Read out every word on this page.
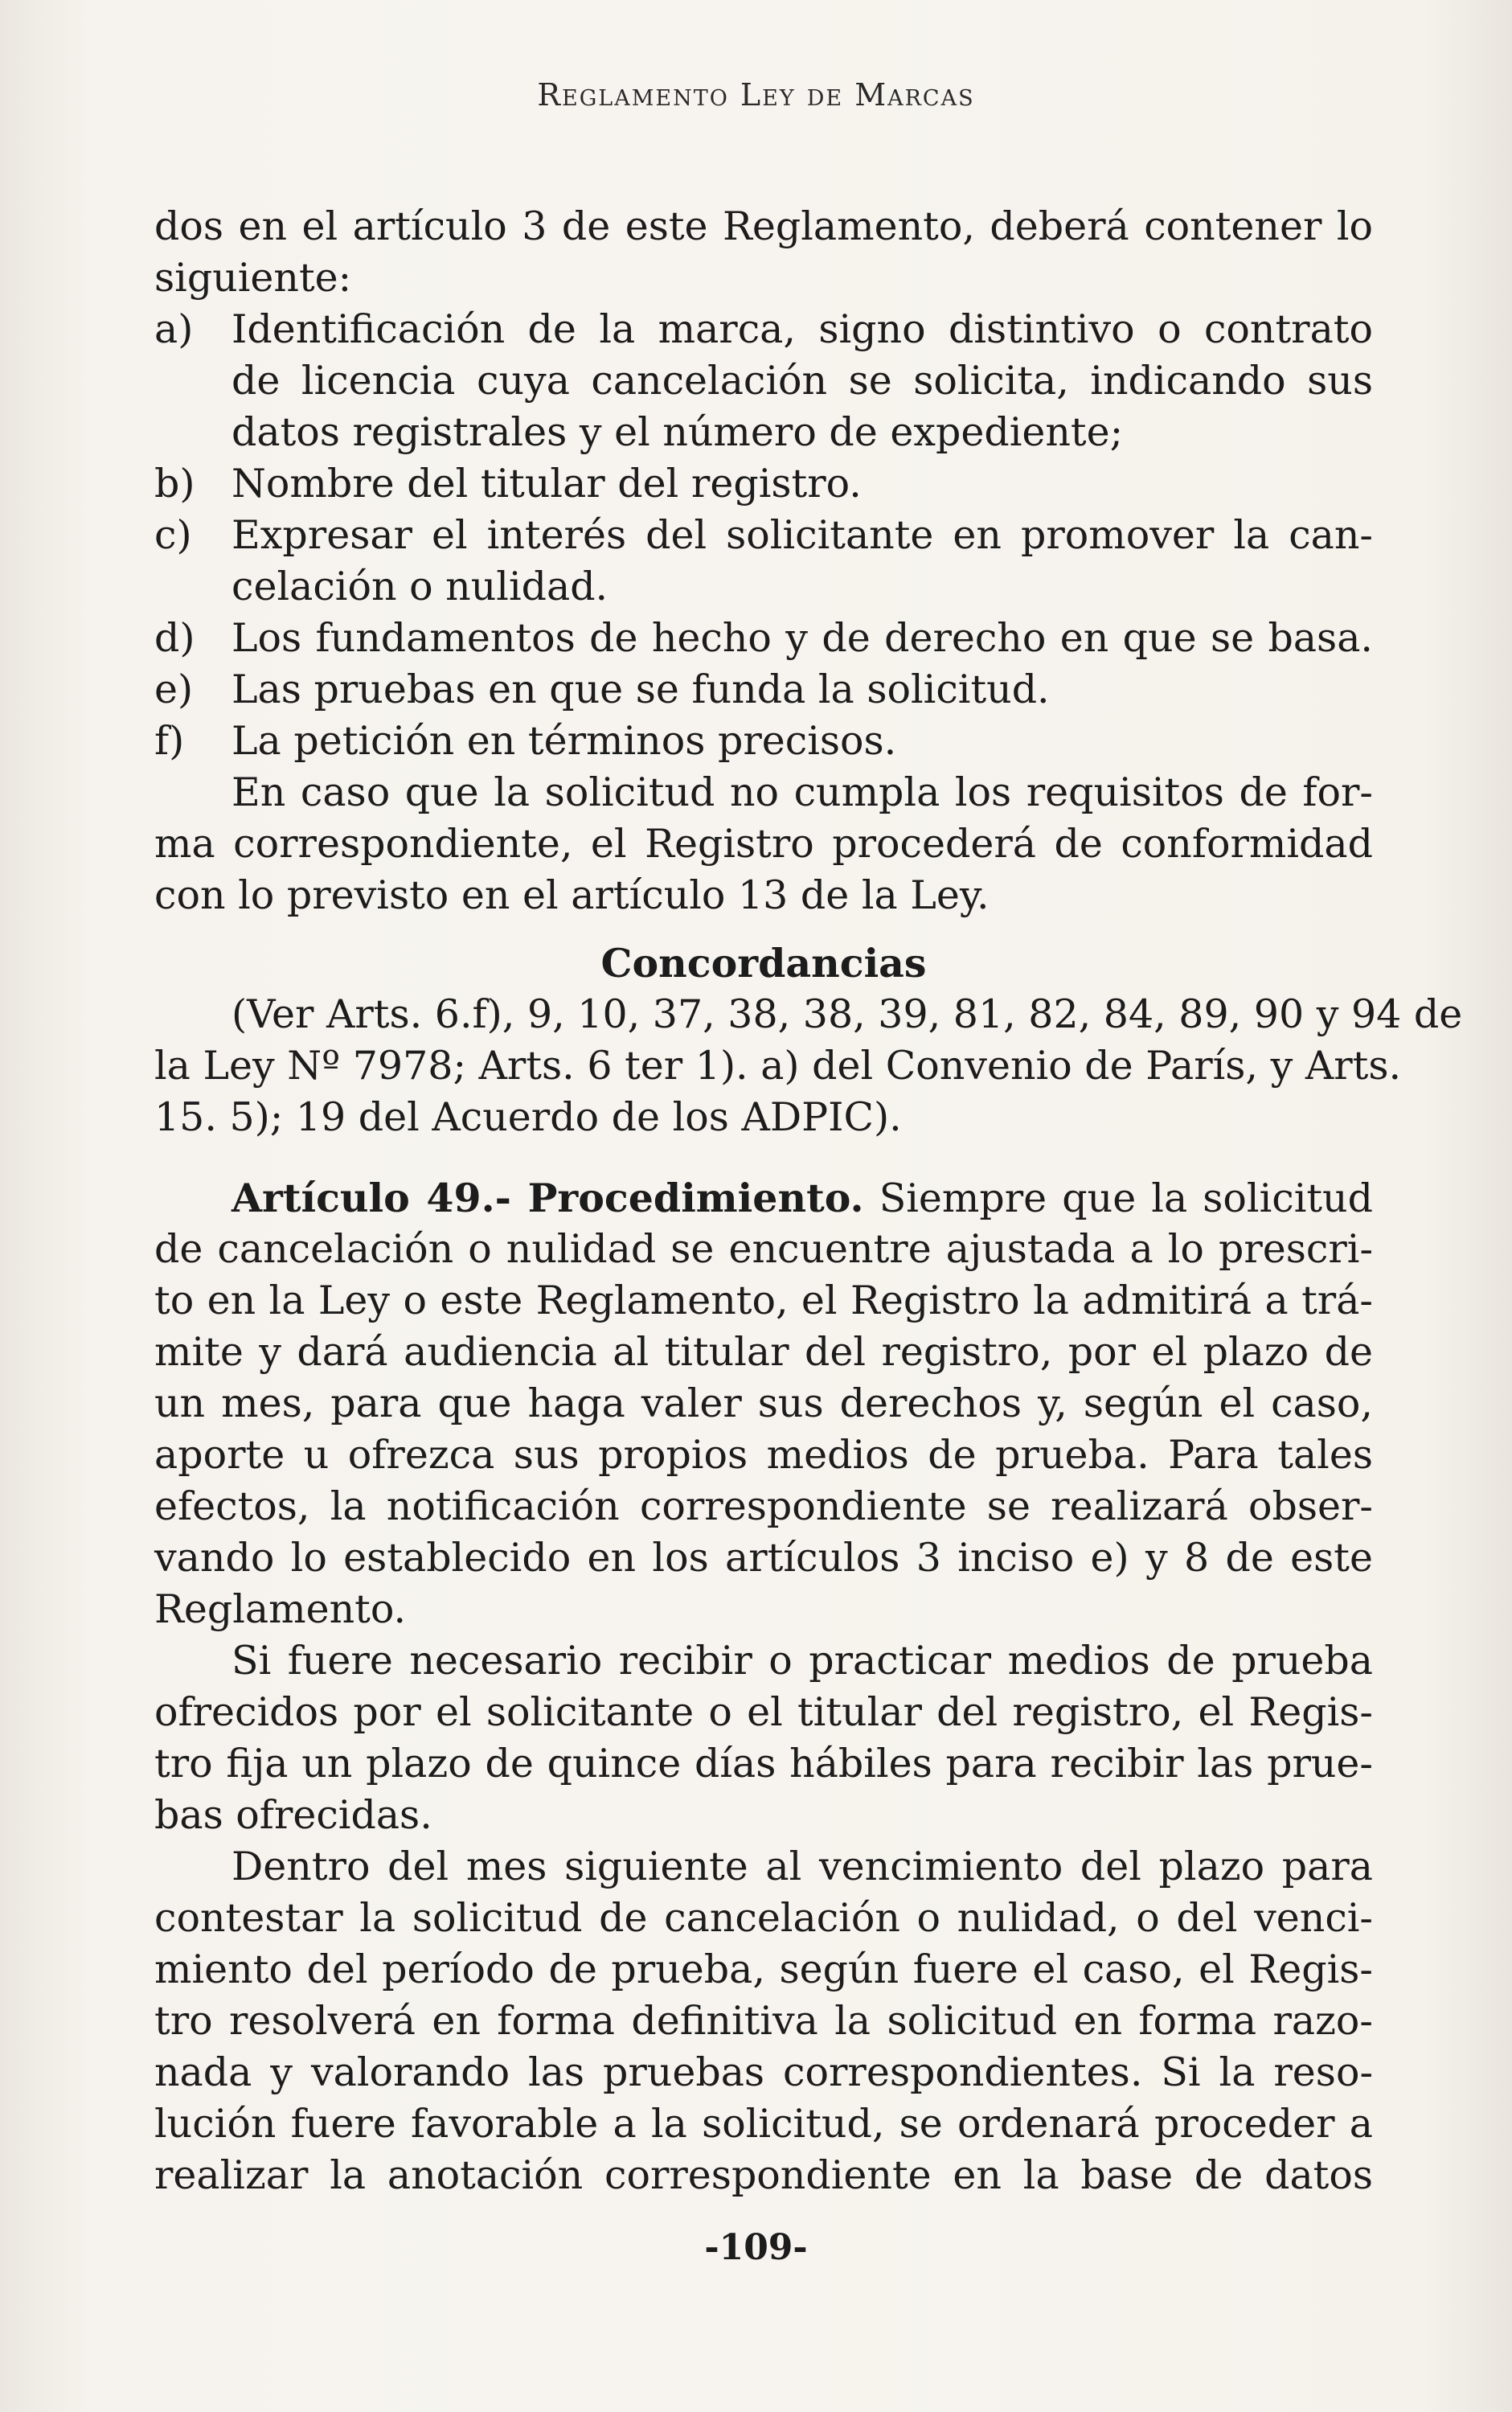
Reglamento Ley de Marcas
dos en el artículo 3 de este Reglamento, deberá contener lo
siguiente:
a) Identificación de la marca, signo distintivo o contrato
de licencia cuya cancelación se solicita, indicando sus
datos registrales y el número de expediente;
b) Nombre del titular del registro.
c)	Expresar el interés del solicitante en promover la can-
celación o nulidad.
d) Los fundamentos de hecho y de derecho en que se basa.
e) Las pruebas en que se funda la solicitud.
f)	La petición en términos precisos.
En caso que la solicitud no cumpla los requisitos de for-
ma correspondiente, el Registro procederá de conformidad
con lo previsto en el artículo 13 de la Ley.
Concordancias
(Ver Arts. 6.f), 9, 10, 37, 38, 38, 39, 81, 82, 84, 89, 90 y 94 de
la Ley Nº 7978; Arts. 6 ter 1). a) del Convenio de París, y Arts.
15. 5); 19 del Acuerdo de los ADPIC).
Artículo 49.- Procedimiento. Siempre que la solicitud
de cancelación o nulidad se encuentre ajustada a lo prescri-
to en la Ley o este Reglamento, el Registro la admitirá a trá-
mite y dará audiencia al titular del registro, por el plazo de
un mes, para que haga valer sus derechos y, según el caso,
aporte u ofrezca sus propios medios de prueba. Para tales
efectos, la notificación correspondiente se realizará obser-
vando lo establecido en los artículos 3 inciso e) y 8 de este
Reglamento.
Si fuere necesario recibir o practicar medios de prueba
ofrecidos por el solicitante o el titular del registro, el Regis-
tro fija un plazo de quince días hábiles para recibir las prue-
bas ofrecidas.
Dentro del mes siguiente al vencimiento del plazo para
contestar la solicitud de cancelación o nulidad, o del venci-
miento del período de prueba, según fuere el caso, el Regis-
tro resolverá en forma definitiva la solicitud en forma razo-
nada y valorando las pruebas correspondientes. Si la reso-
lución fuere favorable a la solicitud, se ordenará proceder a
realizar la anotación correspondiente en la base de datos
-109-
